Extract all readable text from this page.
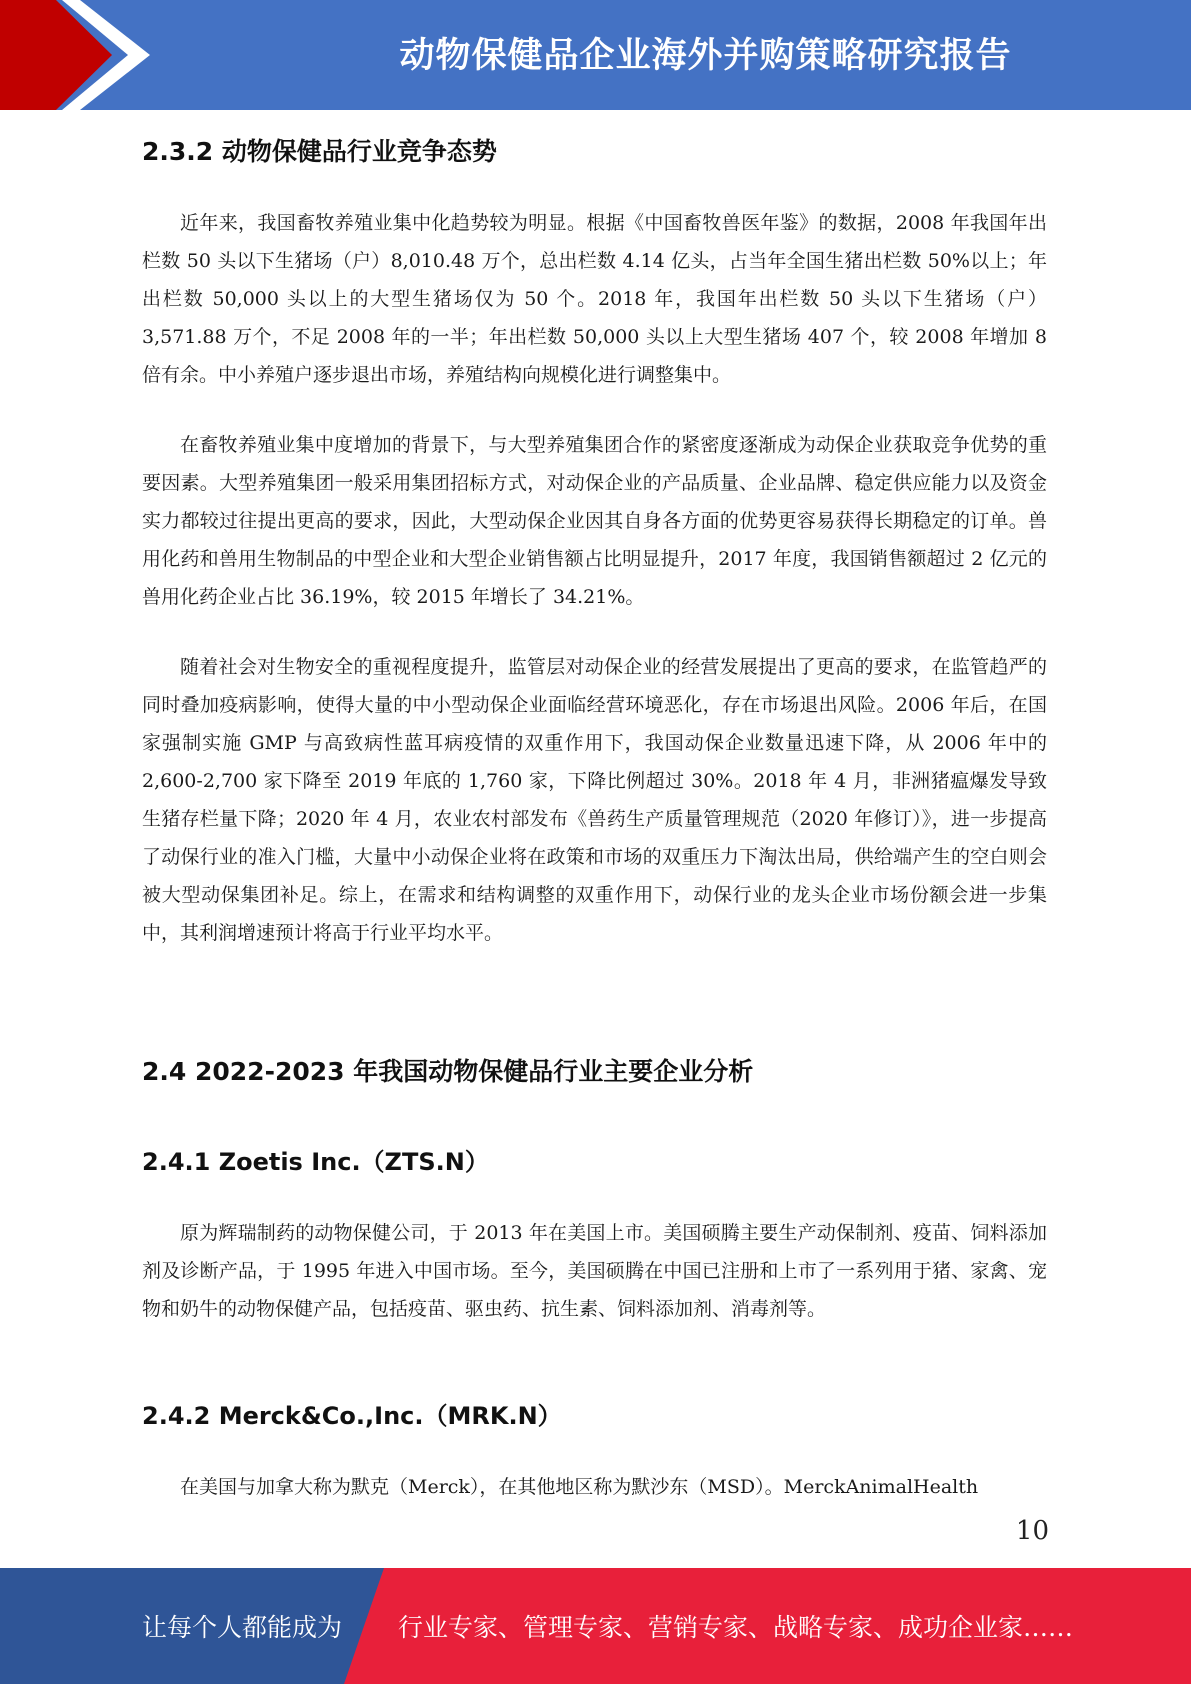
动物保健品企业海外并购策略研究报告
2.3.2 动物保健品行业竞争态势

近年来，我国畜牧养殖业集中化趋势较为明显。根据《中国畜牧兽医年鉴》的数据，2008 年我国年出栏数 50 头以下生猪场（户）8,010.48 万个，总出栏数 4.14 亿头，占当年全国生猪出栏数 50%以上；年出栏数 50,000 头以上的大型生猪场仅为 50 个。2018 年，我国年出栏数 50 头以下生猪场（户）3,571.88 万个，不足 2008 年的一半；年出栏数 50,000 头以上大型生猪场 407 个，较 2008 年增加 8 倍有余。中小养殖户逐步退出市场，养殖结构向规模化进行调整集中。

在畜牧养殖业集中度增加的背景下，与大型养殖集团合作的紧密度逐渐成为动保企业获取竞争优势的重要因素。大型养殖集团一般采用集团招标方式，对动保企业的产品质量、企业品牌、稳定供应能力以及资金实力都较过往提出更高的要求，因此，大型动保企业因其自身各方面的优势更容易获得长期稳定的订单。兽用化药和兽用生物制品的中型企业和大型企业销售额占比明显提升，2017 年度，我国销售额超过 2 亿元的兽用化药企业占比 36.19%，较 2015 年增长了 34.21%。

随着社会对生物安全的重视程度提升，监管层对动保企业的经营发展提出了更高的要求，在监管趋严的同时叠加疫病影响，使得大量的中小型动保企业面临经营环境恶化，存在市场退出风险。2006 年后，在国家强制实施 GMP 与高致病性蓝耳病疫情的双重作用下，我国动保企业数量迅速下降，从 2006 年中的 2,600-2,700 家下降至 2019 年底的 1,760 家，下降比例超过 30%。2018 年 4 月，非洲猪瘟爆发导致生猪存栏量下降；2020 年 4 月，农业农村部发布《兽药生产质量管理规范（2020 年修订）》，进一步提高了动保行业的准入门槛，大量中小动保企业将在政策和市场的双重压力下淘汰出局，供给端产生的空白则会被大型动保集团补足。综上，在需求和结构调整的双重作用下，动保行业的龙头企业市场份额会进一步集中，其利润增速预计将高于行业平均水平。

2.4 2022-2023 年我国动物保健品行业主要企业分析
2.4.1 Zoetis Inc.（ZTS.N）

原为辉瑞制药的动物保健公司，于 2013 年在美国上市。美国硕腾主要生产动保制剂、疫苗、饲料添加剂及诊断产品，于 1995 年进入中国市场。至今，美国硕腾在中国已注册和上市了一系列用于猪、家禽、宠物和奶牛的动物保健产品，包括疫苗、驱虫药、抗生素、饲料添加剂、消毒剂等。

2.4.2 Merck&Co.,Inc.（MRK.N）

在美国与加拿大称为默克（Merck），在其他地区称为默沙东（MSD）。MerckAnimalHealth

10
让每个人都能成为 行业专家、管理专家、营销专家、战略专家、成功企业家……
